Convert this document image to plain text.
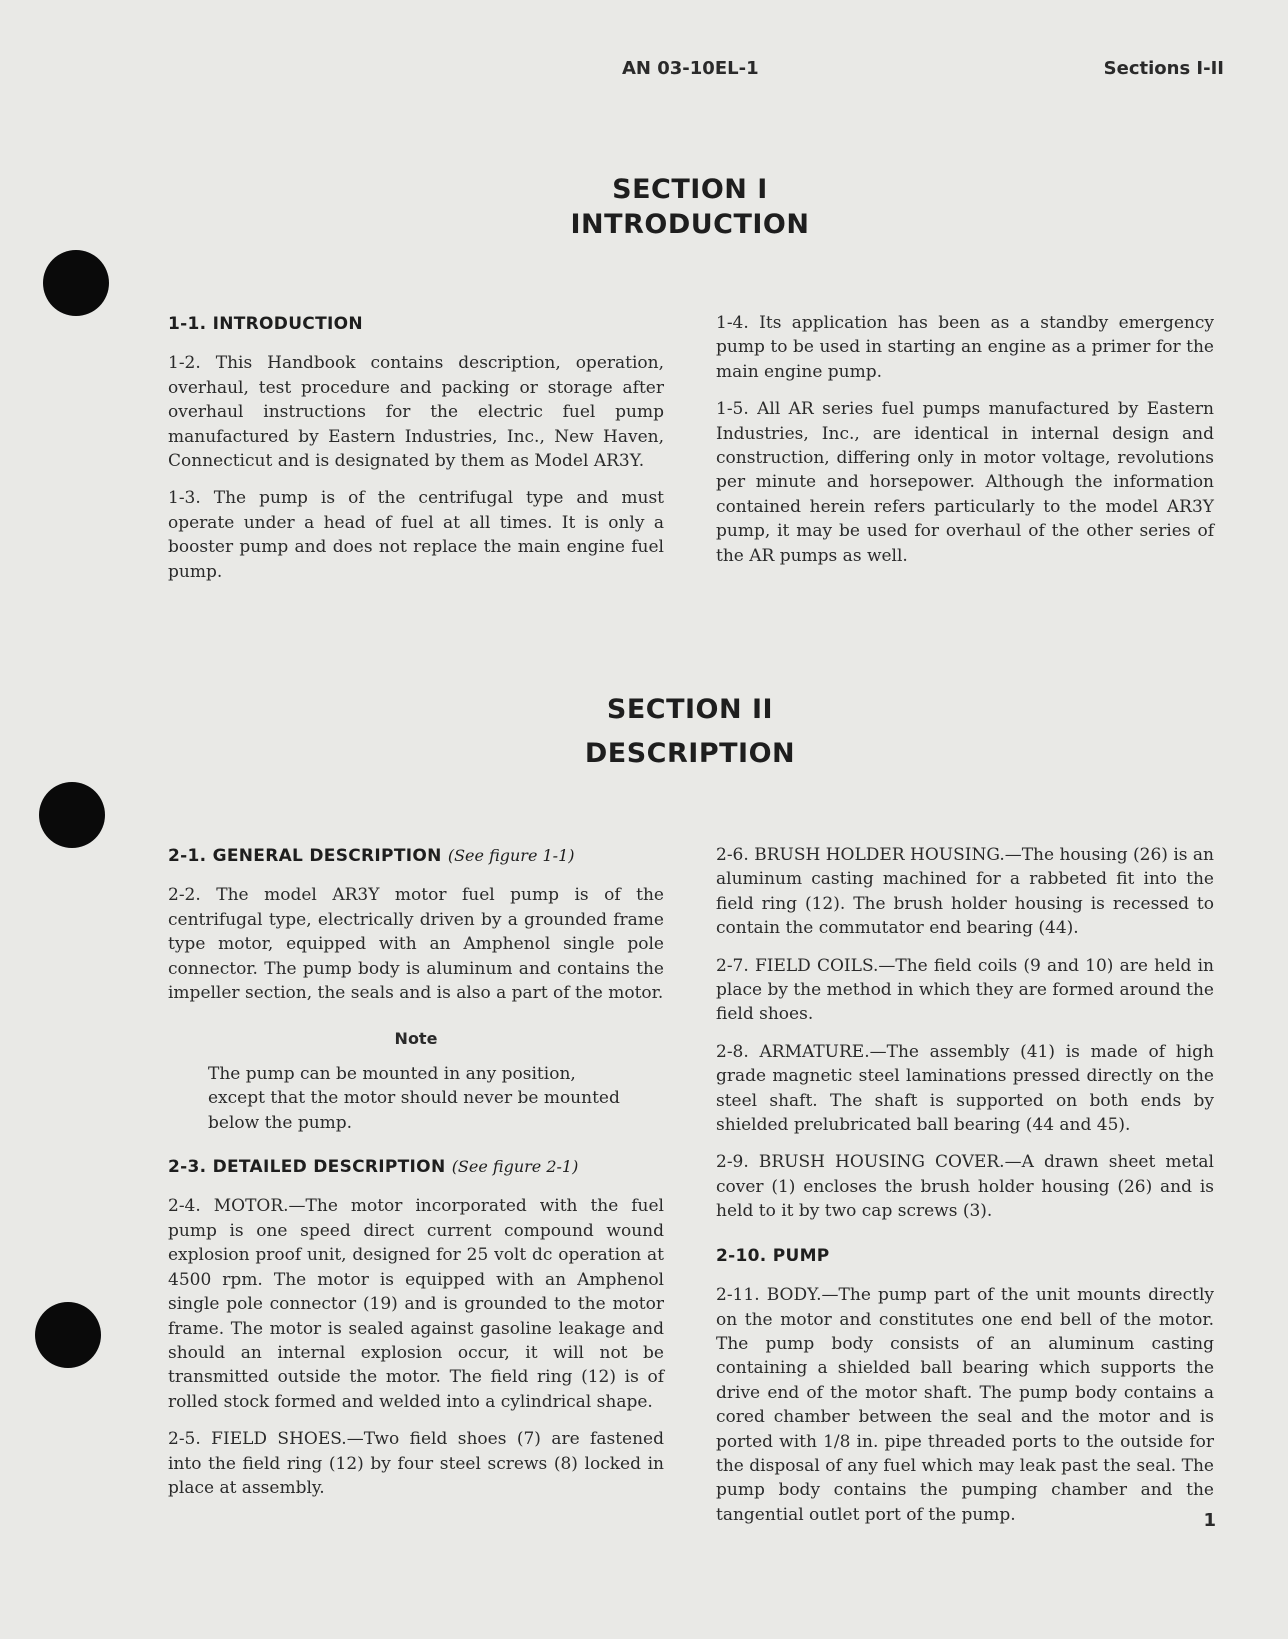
AN 03-10EL-1	Sections I-II
SECTION I
INTRODUCTION
1-1. INTRODUCTION

1-2. This Handbook contains description, operation, overhaul, test procedure and packing or storage after overhaul instructions for the electric fuel pump manufactured by Eastern Industries, Inc., New Haven, Connecticut and is designated by them as Model AR3Y.

1-3. The pump is of the centrifugal type and must operate under a head of fuel at all times. It is only a booster pump and does not replace the main engine fuel pump.

1-4. Its application has been as a standby emergency pump to be used in starting an engine as a primer for the main engine pump.

1-5. All AR series fuel pumps manufactured by Eastern Industries, Inc., are identical in internal design and construction, differing only in motor voltage, revolutions per minute and horsepower. Although the information contained herein refers particularly to the model AR3Y pump, it may be used for overhaul of the other series of the AR pumps as well.

SECTION II
DESCRIPTION
2-1. GENERAL DESCRIPTION (See figure 1-1)

2-2. The model AR3Y motor fuel pump is of the centrifugal type, electrically driven by a grounded frame type motor, equipped with an Amphenol single pole connector. The pump body is aluminum and contains the impeller section, the seals and is also a part of the motor.

Note
The pump can be mounted in any position, except that the motor should never be mounted below the pump.
2-3. DETAILED DESCRIPTION (See figure 2-1)

2-4. MOTOR.—The motor incorporated with the fuel pump is one speed direct current compound wound explosion proof unit, designed for 25 volt dc operation at 4500 rpm. The motor is equipped with an Amphenol single pole connector (19) and is grounded to the motor frame. The motor is sealed against gasoline leakage and should an internal explosion occur, it will not be transmitted outside the motor. The field ring (12) is of rolled stock formed and welded into a cylindrical shape.

2-5. FIELD SHOES.—Two field shoes (7) are fastened into the field ring (12) by four steel screws (8) locked in place at assembly.

2-6. BRUSH HOLDER HOUSING.—The housing (26) is an aluminum casting machined for a rabbeted fit into the field ring (12). The brush holder housing is recessed to contain the commutator end bearing (44).

2-7. FIELD COILS.—The field coils (9 and 10) are held in place by the method in which they are formed around the field shoes.

2-8. ARMATURE.—The assembly (41) is made of high grade magnetic steel laminations pressed directly on the steel shaft. The shaft is supported on both ends by shielded prelubricated ball bearing (44 and 45).

2-9. BRUSH HOUSING COVER.—A drawn sheet metal cover (1) encloses the brush holder housing (26) and is held to it by two cap screws (3).

2-10. PUMP

2-11. BODY.—The pump part of the unit mounts directly on the motor and constitutes one end bell of the motor. The pump body consists of an aluminum casting containing a shielded ball bearing which supports the drive end of the motor shaft. The pump body contains a cored chamber between the seal and the motor and is ported with 1/8 in. pipe threaded ports to the outside for the disposal of any fuel which may leak past the seal. The pump body contains the pumping chamber and the tangential outlet port of the pump.	1
